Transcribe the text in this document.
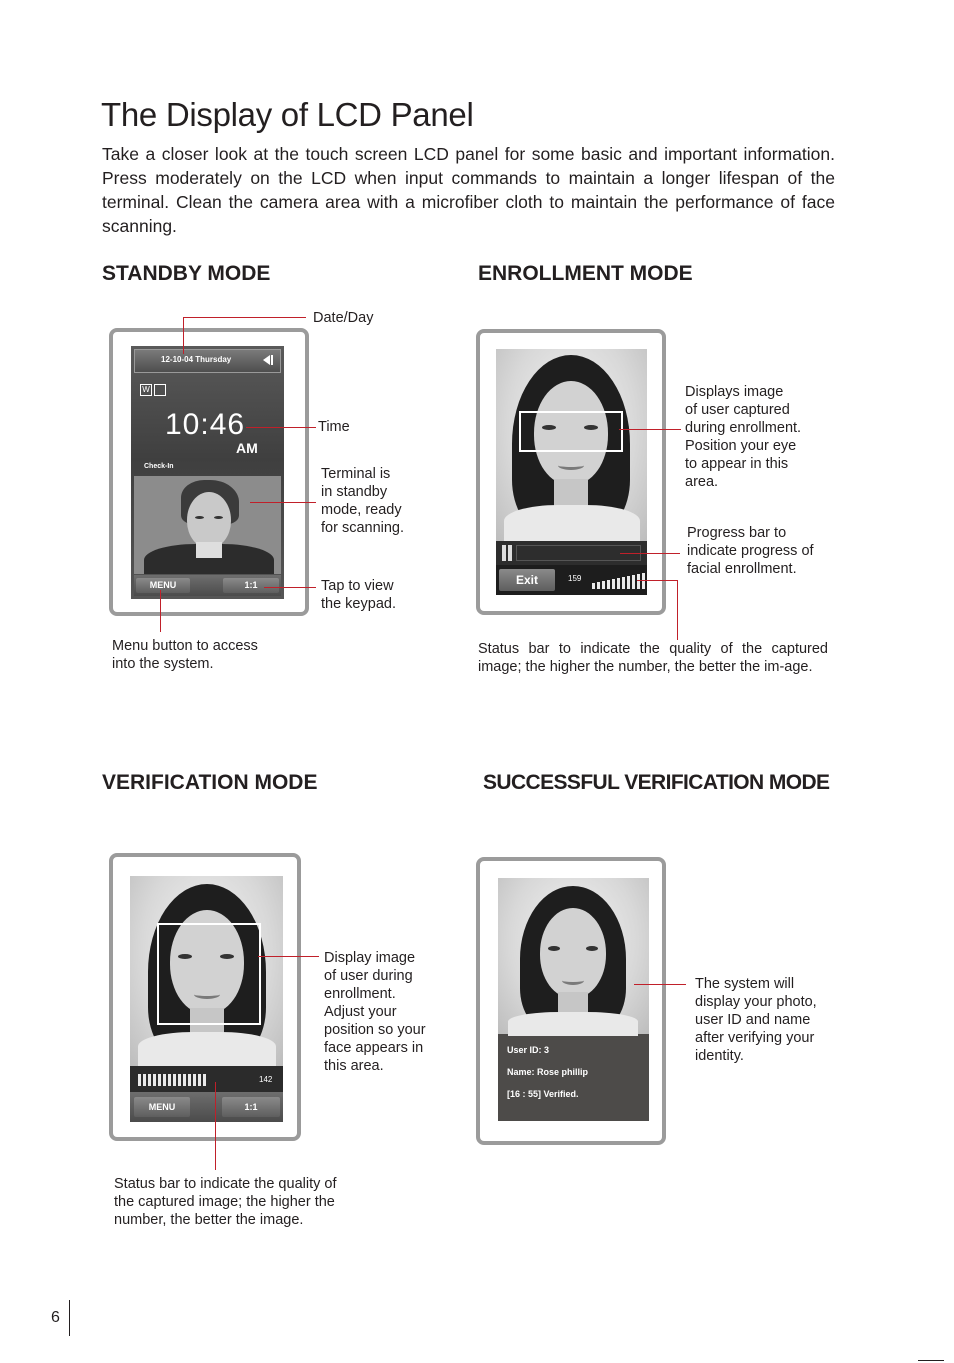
The Display of LCD Panel

Take a closer look at the touch screen LCD panel for some basic and important information. Press moderately on the LCD when input commands to maintain a longer lifespan of the terminal. Clean the camera area with a microfiber cloth to maintain the performance of face scanning.

STANDBY MODE
12-10-04 Thursday
W
10:46
AM
Check-In
MENU	1:1
Date/Day
Time
Terminal is
in standby
mode, ready
for scanning.
Tap to view
the keypad.
Menu button to access
into the system.
ENROLLMENT MODE
Exit	159
Displays image
of user captured
during enrollment.
Position your eye
to appear in this
area.
Progress bar to
indicate progress of
facial enrollment.
Status bar to indicate the quality of the captured image; the higher the number, the better the im-age.
VERIFICATION MODE
142
MENU	1:1
Display image
of user during
enrollment.
Adjust your
position so your
face appears in
this area.
Status bar to indicate the quality of
the captured image; the higher the
number, the better the image.
SUCCESSFUL VERIFICATION MODE
User ID: 3
Name: Rose phillip
[16 : 55] Verified.
The system will
display your photo,
user ID and name
after verifying your
identity.
6
